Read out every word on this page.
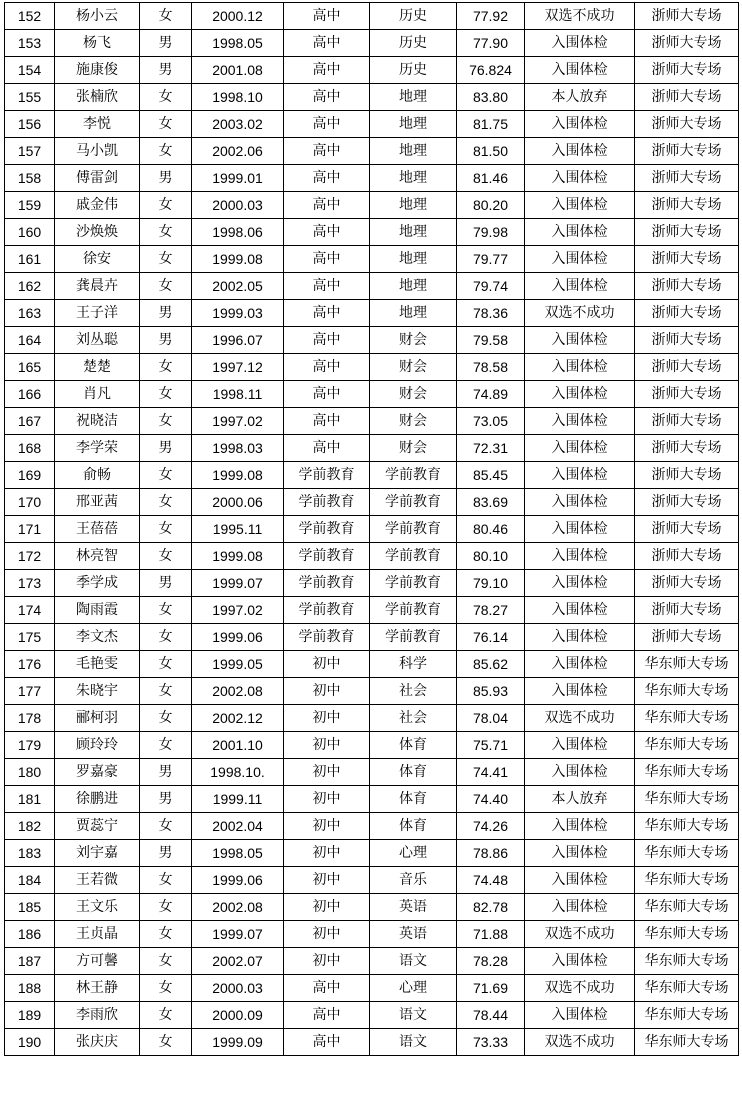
152	杨小云	女	2000.12	高中	历史	77.92	双选不成功	浙师大专场
153	杨飞	男	1998.05	高中	历史	77.90	入围体检	浙师大专场
154	施康俊	男	2001.08	高中	历史	76.824	入围体检	浙师大专场
155	张楠欣	女	1998.10	高中	地理	83.80	本人放弃	浙师大专场
156	李悦	女	2003.02	高中	地理	81.75	入围体检	浙师大专场
157	马小凯	女	2002.06	高中	地理	81.50	入围体检	浙师大专场
158	傅雷剑	男	1999.01	高中	地理	81.46	入围体检	浙师大专场
159	戚金伟	女	2000.03	高中	地理	80.20	入围体检	浙师大专场
160	沙焕焕	女	1998.06	高中	地理	79.98	入围体检	浙师大专场
161	徐安	女	1999.08	高中	地理	79.77	入围体检	浙师大专场
162	龚晨卉	女	2002.05	高中	地理	79.74	入围体检	浙师大专场
163	王子洋	男	1999.03	高中	地理	78.36	双选不成功	浙师大专场
164	刘丛聪	男	1996.07	高中	财会	79.58	入围体检	浙师大专场
165	楚楚	女	1997.12	高中	财会	78.58	入围体检	浙师大专场
166	肖凡	女	1998.11	高中	财会	74.89	入围体检	浙师大专场
167	祝晓洁	女	1997.02	高中	财会	73.05	入围体检	浙师大专场
168	李学荣	男	1998.03	高中	财会	72.31	入围体检	浙师大专场
169	俞畅	女	1999.08	学前教育	学前教育	85.45	入围体检	浙师大专场
170	邢亚茜	女	2000.06	学前教育	学前教育	83.69	入围体检	浙师大专场
171	王蓓蓓	女	1995.11	学前教育	学前教育	80.46	入围体检	浙师大专场
172	林亮智	女	1999.08	学前教育	学前教育	80.10	入围体检	浙师大专场
173	季学成	男	1999.07	学前教育	学前教育	79.10	入围体检	浙师大专场
174	陶雨霞	女	1997.02	学前教育	学前教育	78.27	入围体检	浙师大专场
175	李文杰	女	1999.06	学前教育	学前教育	76.14	入围体检	浙师大专场
176	毛艳雯	女	1999.05	初中	科学	85.62	入围体检	华东师大专场
177	朱晓宇	女	2002.08	初中	社会	85.93	入围体检	华东师大专场
178	郦柯羽	女	2002.12	初中	社会	78.04	双选不成功	华东师大专场
179	顾玲玲	女	2001.10	初中	体育	75.71	入围体检	华东师大专场
180	罗嘉豪	男	1998.10.	初中	体育	74.41	入围体检	华东师大专场
181	徐鹏进	男	1999.11	初中	体育	74.40	本人放弃	华东师大专场
182	贾蕊宁	女	2002.04	初中	体育	74.26	入围体检	华东师大专场
183	刘宇嘉	男	1998.05	初中	心理	78.86	入围体检	华东师大专场
184	王若微	女	1999.06	初中	音乐	74.48	入围体检	华东师大专场
185	王文乐	女	2002.08	初中	英语	82.78	入围体检	华东师大专场
186	王贞晶	女	1999.07	初中	英语	71.88	双选不成功	华东师大专场
187	方可馨	女	2002.07	初中	语文	78.28	入围体检	华东师大专场
188	林王静	女	2000.03	高中	心理	71.69	双选不成功	华东师大专场
189	李雨欣	女	2000.09	高中	语文	78.44	入围体检	华东师大专场
190	张庆庆	女	1999.09	高中	语文	73.33	双选不成功	华东师大专场
